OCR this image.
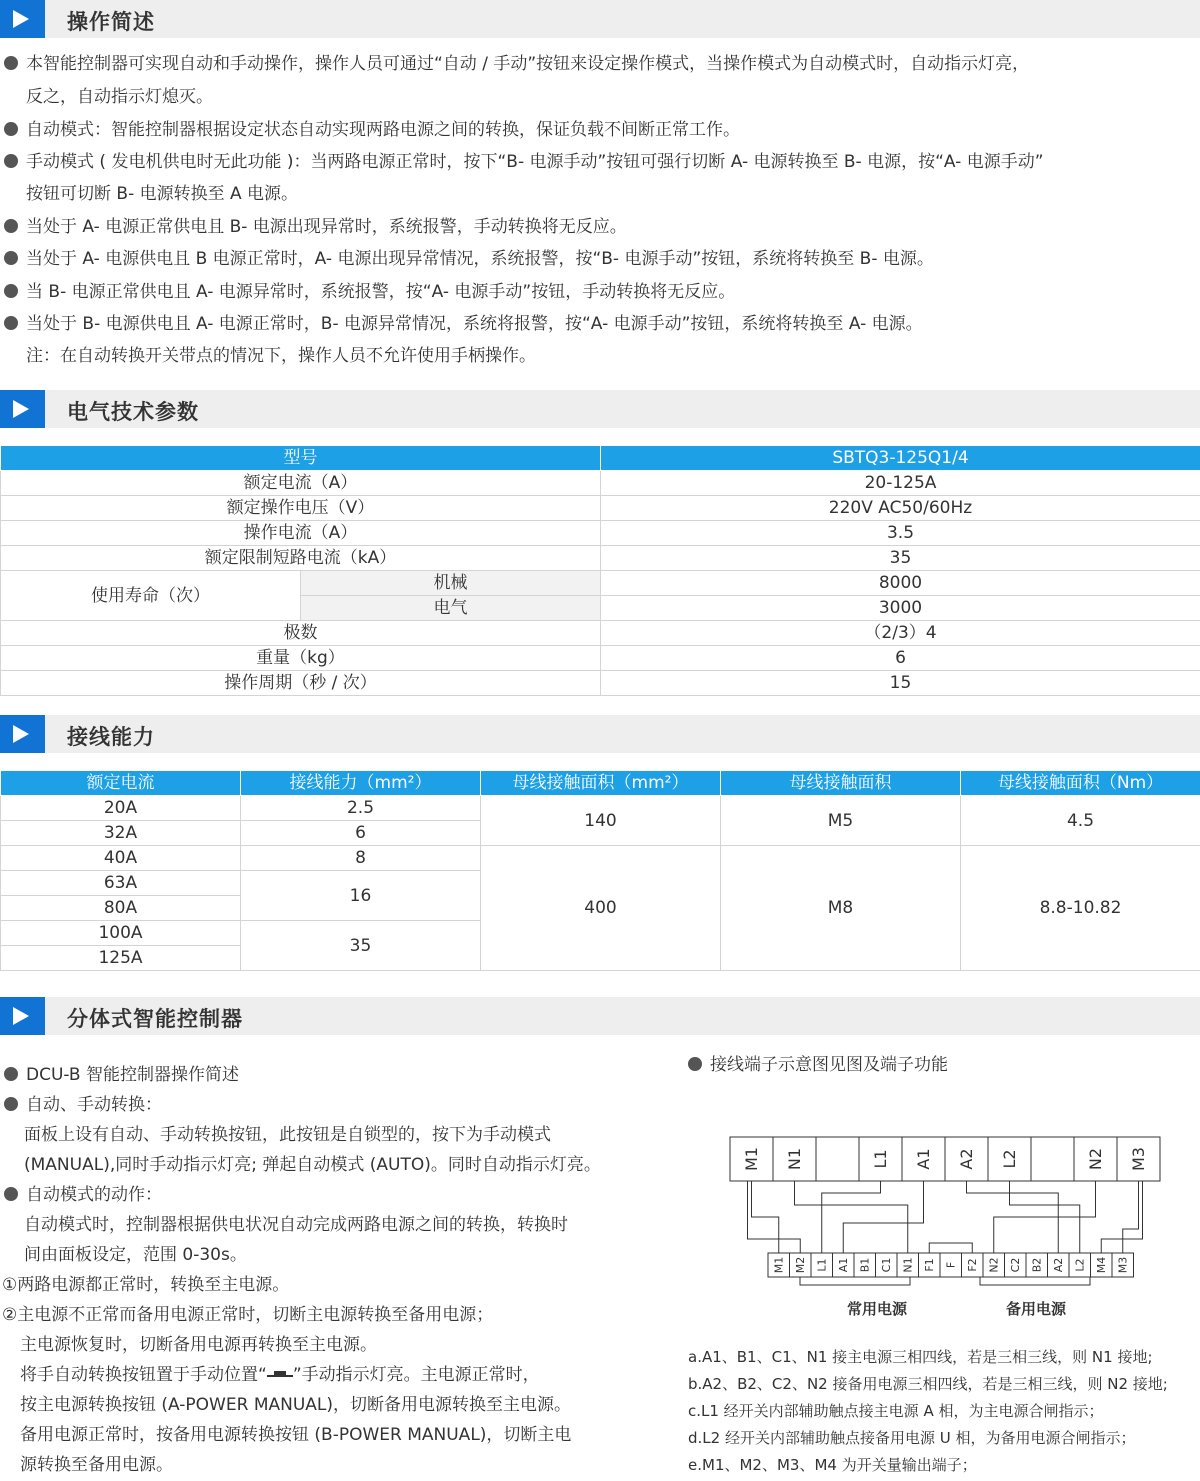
操作简述
本智能控制器可实现自动和手动操作，操作人员可通过“自动 / 手动”按钮来设定操作模式，当操作模式为自动模式时，自动指示灯亮，
反之，自动指示灯熄灭。
自动模式：智能控制器根据设定状态自动实现两路电源之间的转换，保证负载不间断正常工作。
手动模式 ( 发电机供电时无此功能 )：当两路电源正常时，按下“B- 电源手动”按钮可强行切断 A- 电源转换至 B- 电源，按“A- 电源手动”
按钮可切断 B- 电源转换至 A 电源。
当处于 A- 电源正常供电且 B- 电源出现异常时，系统报警，手动转换将无反应。
当处于 A- 电源供电且 B 电源正常时，A- 电源出现异常情况，系统报警，按“B- 电源手动”按钮，系统将转换至 B- 电源。
当 B- 电源正常供电且 A- 电源异常时，系统报警，按“A- 电源手动”按钮，手动转换将无反应。
当处于 B- 电源供电且 A- 电源正常时，B- 电源异常情况，系统将报警，按“A- 电源手动”按钮，系统将转换至 A- 电源。
注：在自动转换开关带点的情况下，操作人员不允许使用手柄操作。
电气技术参数
型号		SBTQ3-125Q1/4
额定电流（A）		20-125A
额定操作电压（V）		220V AC50/60Hz
操作电流（A）		3.5
额定限制短路电流（kA）		35
使用寿命（次）	机械	8000
	电气	3000
极数		（2/3）4
重量（kg）		6
操作周期（秒 / 次）		15
接线能力
额定电流	接线能力（mm²）	母线接触面积（mm²）	母线接触面积	母线接触面积（Nm）
20A	2.5	140	M5	4.5
32A	6			
40A	8	400	M8	8.8-10.82
63A	16			
80A				
100A	35			
125A				
分体式智能控制器
DCU-B 智能控制器操作简述
自动、手动转换：
面板上设有自动、手动转换按钮，此按钮是自锁型的，按下为手动模式
(MANUAL),同时手动指示灯亮; 弹起自动模式 (AUTO)。同时自动指示灯亮。
自动模式的动作：
自动模式时，控制器根据供电状况自动完成两路电源之间的转换，转换时
间由面板设定，范围 0-30s。
①两路电源都正常时，转换至主电源。
②主电源不正常而备用电源正常时，切断主电源转换至备用电源；
主电源恢复时，切断备用电源再转换至主电源。
将手自动转换按钮置于手动位置“ ”手动指示灯亮。主电源正常时，
按主电源转换按钮 (A-POWER MANUAL)，切断备用电源转换至主电源。
备用电源正常时，按备用电源转换按钮 (B-POWER MANUAL)，切断主电
源转换至备用电源。
接线端子示意图见图及端子功能
M1 N1	L1 A1 A2 L2	N2 M3
M1 M2 L1 A1 B1 C1 N1 F1 F F2 N2 C2 B2 A2 L2 M4 M3
常用电源	备用电源
a.A1、B1、C1、N1 接主电源三相四线，若是三相三线，则 N1 接地;
b.A2、B2、C2、N2 接备用电源三相四线，若是三相三线，则 N2 接地;
c.L1 经开关内部辅助触点接主电源 A 相，为主电源合闸指示；
d.L2 经开关内部辅助触点接备用电源 U 相，为备用电源合闸指示；
e.M1、M2、M3、M4 为开关量输出端子；
